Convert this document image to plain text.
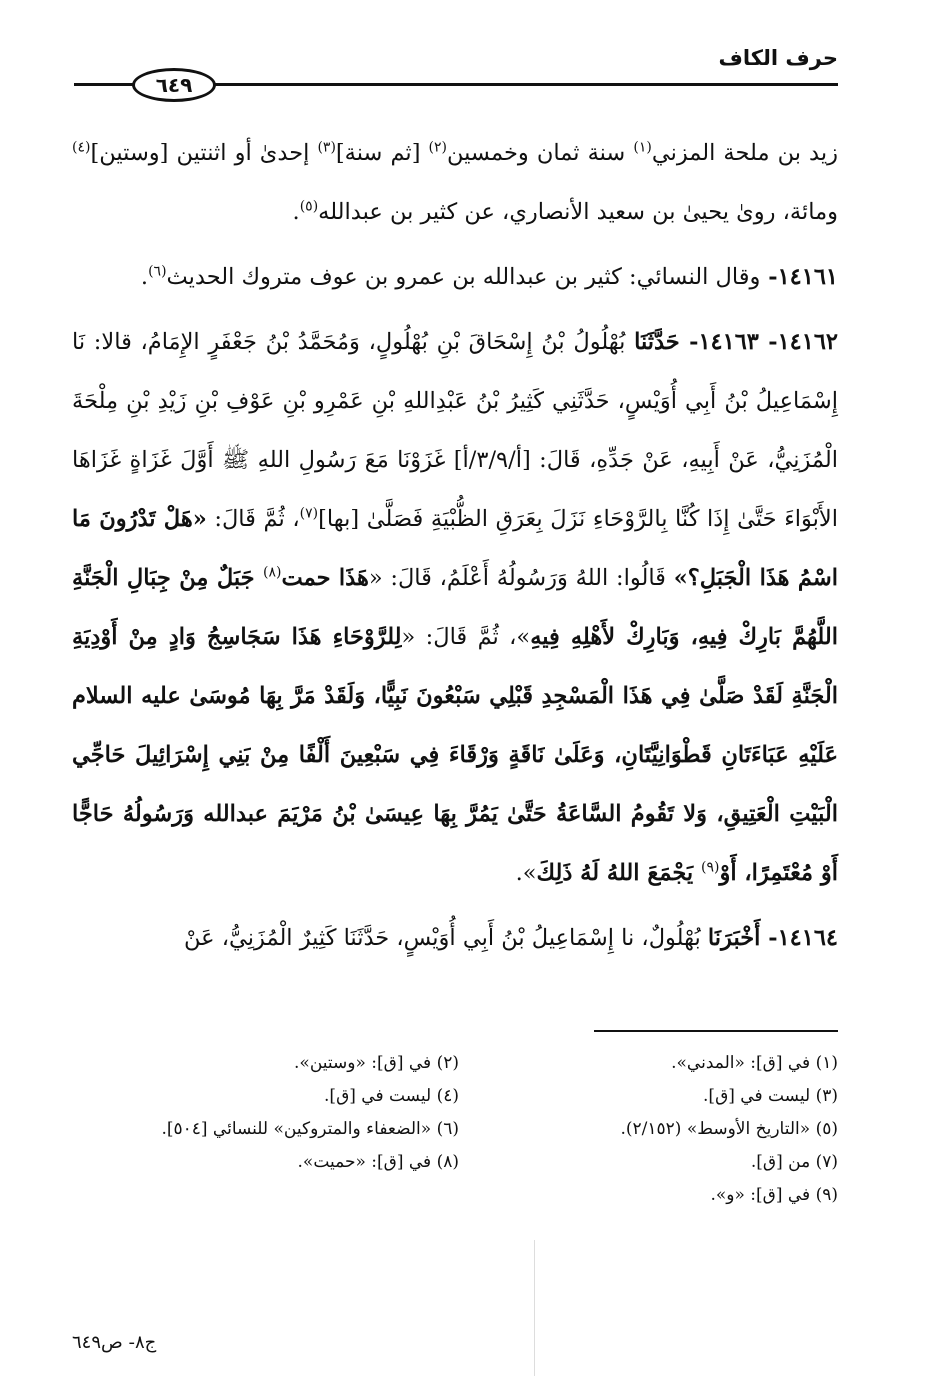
حرف الكاف
٦٤٩

زيد بن ملحة المزني$^{(١)}$ سنة ثمان وخمسين$^{(٢)}$ [ثم سنة]$^{(٣)}$ إحدىٰ أو اثنتين [وستين]$^{(٤)}$ ومائة، روىٰ يحيىٰ بن سعيد الأنصاري، عن كثير بن عبدالله$^{(٥)}$.

١٤١٦١- وقال النسائي: كثير بن عبدالله بن عمرو بن عوف متروك الحديث$^{(٦)}$.

١٤١٦٢- ١٤١٦٣- حَدَّثَنَا بُهْلُولُ بْنُ إِسْحَاقَ بْنِ بُهْلُولٍ، وَمُحَمَّدُ بْنُ جَعْفَرٍ الإِمَامُ، قالا: نَا إِسْمَاعِيلُ بْنُ أَبِي أُوَيْسٍ، حَدَّثَنِي كَثِيرُ بْنُ عَبْدِاللهِ بْنِ عَمْرِو بْنِ عَوْفِ بْنِ زَيْدِ بْنِ مِلْحَةَ الْمُزَنِيُّ، عَنْ أَبِيهِ، عَنْ جَدِّهِ، قَالَ: [أ/٣/٩/أ] غَزَوْنَا مَعَ رَسُولِ اللهِ ﷺ أَوَّلَ غَزَاةٍ غَزَاهَا الأَبْوَاءَ حَتَّىٰ إِذَا كُنَّا بِالرَّوْحَاءِ نَزَلَ بِعَرَقِ الظُّبْيَةِ فَصَلَّىٰ [بها]$^{(٧)}$، ثُمَّ قَالَ: «هَلْ تَدْرُونَ مَا اسْمُ هَذَا الْجَبَلِ؟» قَالُوا: اللهُ وَرَسُولُهُ أَعْلَمُ، قَالَ: «هَذَا حمت$^{(٨)}$ جَبَلٌ مِنْ جِبَالِ الْجَنَّةِ اللَّهُمَّ بَارِكْ فِيهِ، وَبَارِكْ لأَهْلِهِ فِيهِ»، ثُمَّ قَالَ: «لِلرَّوْحَاءِ هَذَا سَجَاسِجُ وَادٍ مِنْ أَوْدِيَةِ الْجَنَّةِ لَقَدْ صَلَّىٰ فِي هَذَا الْمَسْجِدِ قَبْلِي سَبْعُونَ نَبِيًّا، وَلَقَدْ مَرَّ بِهَا مُوسَىٰ عليه السلام عَلَيْهِ عَبَاءَتَانِ قَطْوَانِيَّتَانِ، وَعَلَىٰ نَاقَةٍ وَرْقَاءَ فِي سَبْعِينَ أَلْفًا مِنْ بَنِي إِسْرَائِيلَ حَاجِّي الْبَيْتِ الْعَتِيقِ، وَلا تَقُومُ السَّاعَةُ حَتَّىٰ يَمُرَّ بِهَا عِيسَىٰ بْنُ مَرْيَمَ عبدالله وَرَسُولُهُ حَاجًّا أَوْ مُعْتَمِرًا، أَوْ$^{(٩)}$ يَجْمَعَ اللهُ لَهُ ذَلِكَ».

١٤١٦٤- أَخْبَرَنَا بُهْلُولٌ، نا إِسْمَاعِيلُ بْنُ أَبِي أُوَيْسٍ، حَدَّثَنَا كَثِيرٌ الْمُزَنِيُّ، عَنْ

(١) في [ق]: «المدني».
(٢) في [ق]: «وستين».
(٣) ليست في [ق].
(٤) ليست في [ق].
(٥) «التاريخ الأوسط» (٢/١٥٢).
(٦) «الضعفاء والمتروكين» للنسائي [٥٠٤].
(٧) من [ق].
(٨) في [ق]: «حميت».
(٩) في [ق]: «و».
ج٨- ص٦٤٩
